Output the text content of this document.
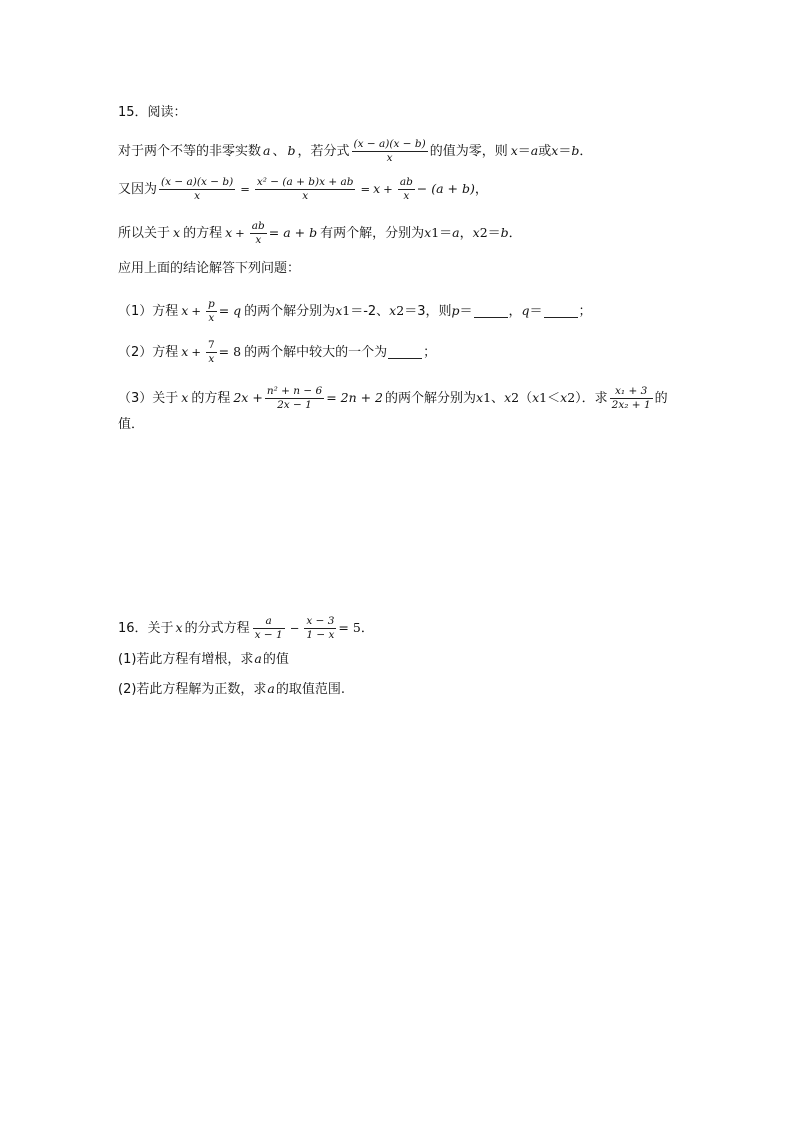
15．阅读：
对于两个不等的非零实数 a 、 b ，若分式 $\frac{(x - a)(x - b)}{x}$ 的值为零，则 x ＝ a 或 x ＝ b ．
又因为 $\frac{(x - a)(x - b)}{x} = \frac{\text{x² − (a + b)x + ab}}{x} = x + \frac{ab}{x} - (a + b)$ ，
所以关于 x 的方程 $x + \frac{ab}{x} = a + b$ 有两个解，分别为 x 1 ＝ a ， x 2 ＝ b ．
应用上面的结论解答下列问题：
（1）方程 $x + \frac{p}{x} = q$ 的两个解分别为 x 1 ＝-2、 x 2 ＝3，则 p ＝	， q ＝	；
（2）方程 $x + \frac{7}{x} = 8$ 的两个解中较大的一个为	；
（3）关于 x 的方程 $2x + \frac{\text{n² + n − 6}}{2x - 1} = 2n + 2$ 的两个解分别为 x 1 、 x 2 （ x 1 ＜ x 2 ）．求 $\frac{\text{x₁ + 3}}{\text{2x₂ + 1}}$ 的
值．
16．关于 x 的分式方程 $\frac{a}{x - 1} - \frac{x - 3}{1 - x} = 5$ ．
(1)若此方程有增根，求 a 的值
(2)若此方程解为正数，求 a 的取值范围.
